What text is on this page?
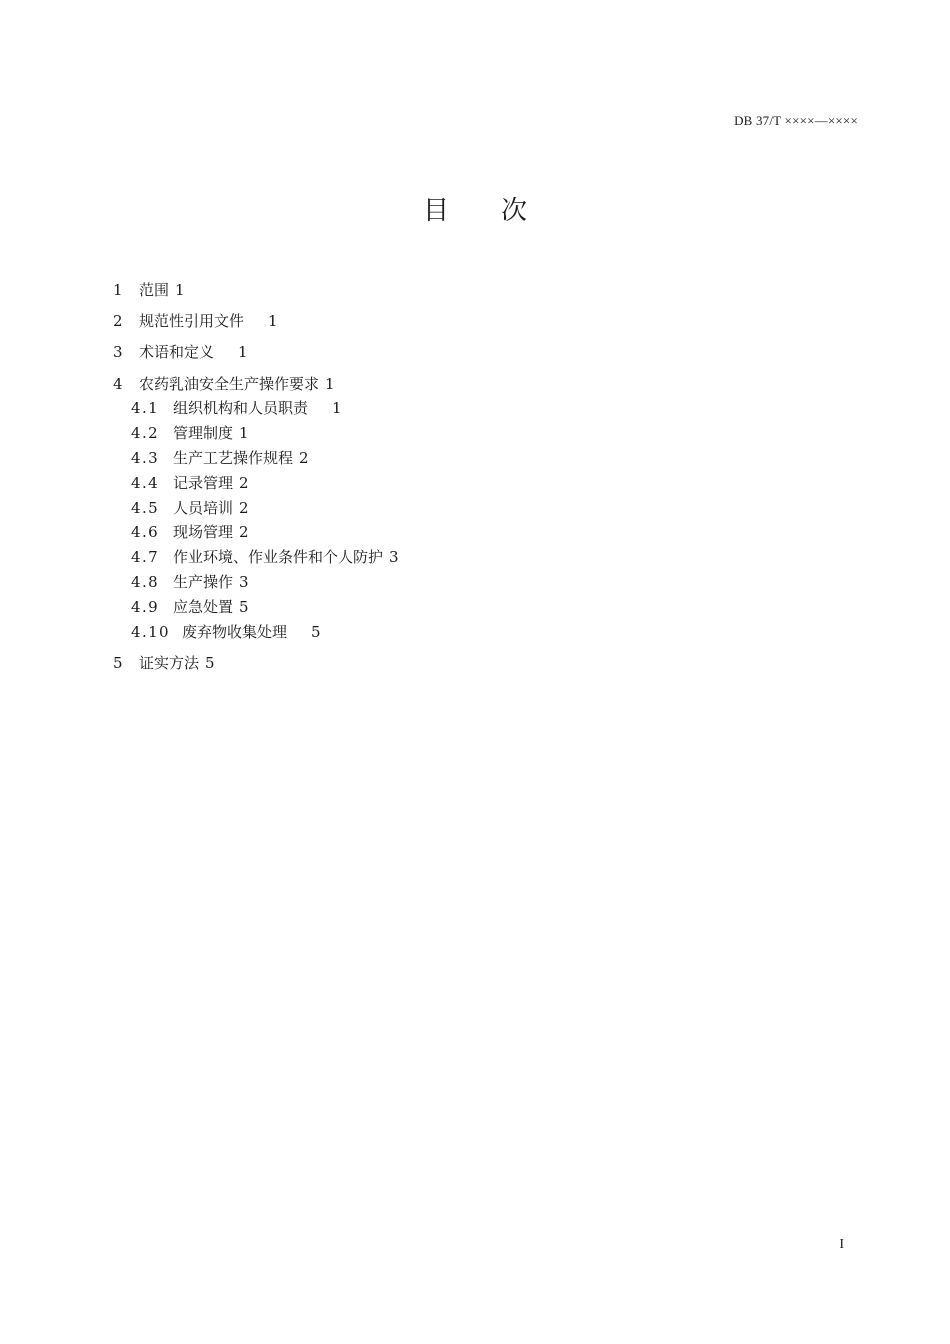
DB 37/T ××××—××××
目 次
1 范围 1
2 规范性引用文件 1
3 术语和定义 1
4 农药乳油安全生产操作要求 1
4.1 组织机构和人员职责 1
4.2 管理制度 1
4.3 生产工艺操作规程 2
4.4 记录管理 2
4.5 人员培训 2
4.6 现场管理 2
4.7 作业环境、作业条件和个人防护 3
4.8 生产操作 3
4.9 应急处置 5
4.10 废弃物收集处理 5
5 证实方法 5
I
